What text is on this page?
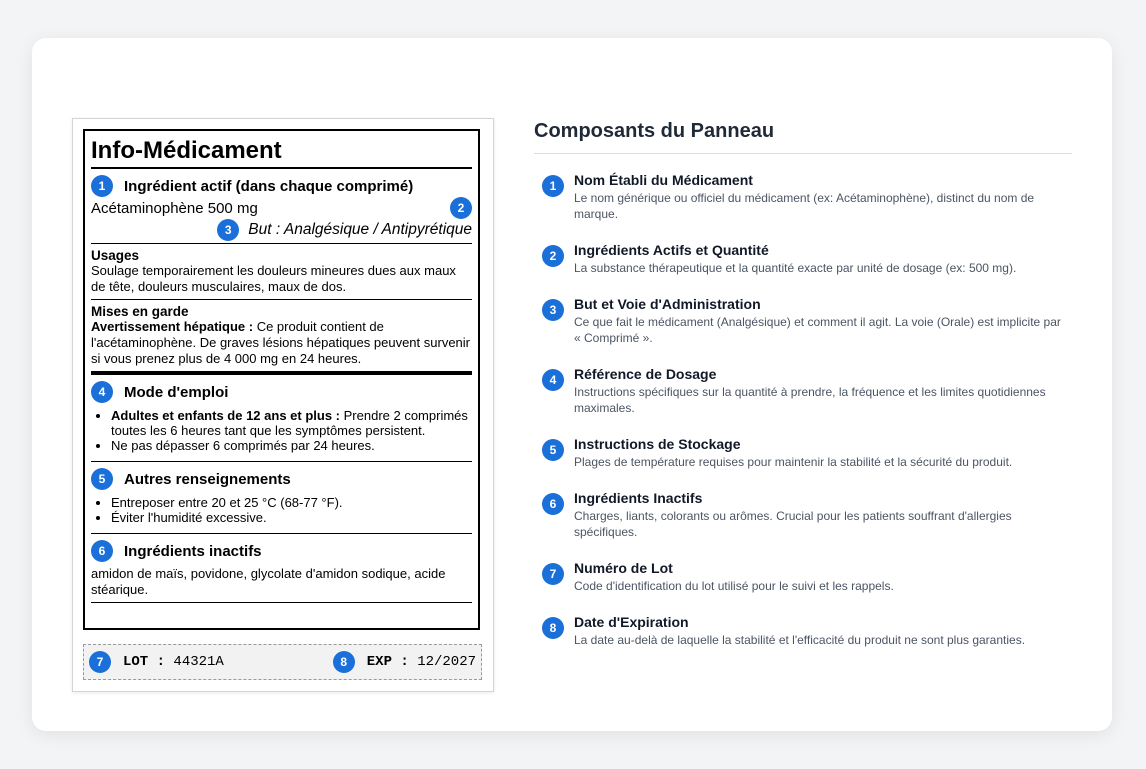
Info-Médicament
1	Ingrédient actif (dans chaque comprimé)
Acétaminophène 500 mg	2
3	But : Analgésique / Antipyrétique
Usages
Soulage temporairement les douleurs mineures dues aux maux de tête, douleurs musculaires, maux de dos.
Mises en garde
Avertissement hépatique : Ce produit contient de l'acétaminophène. De graves lésions hépatiques peuvent survenir si vous prenez plus de 4 000 mg en 24 heures.
4	Mode d'emploi
• Adultes et enfants de 12 ans et plus : Prendre 2 comprimés toutes les 6 heures tant que les symptômes persistent.
• Ne pas dépasser 6 comprimés par 24 heures.
5	Autres renseignements
• Entreposer entre 20 et 25 °C (68-77 °F).
• Éviter l'humidité excessive.
6	Ingrédients inactifs
amidon de maïs, povidone, glycolate d'amidon sodique, acide stéarique.
7	LOT : 44321A	8	EXP : 12/2027
Composants du Panneau
1	Nom Établi du Médicament
Le nom générique ou officiel du médicament (ex: Acétaminophène), distinct du nom de marque.
2	Ingrédients Actifs et Quantité
La substance thérapeutique et la quantité exacte par unité de dosage (ex: 500 mg).
3	But et Voie d'Administration
Ce que fait le médicament (Analgésique) et comment il agit. La voie (Orale) est implicite par « Comprimé ».
4	Référence de Dosage
Instructions spécifiques sur la quantité à prendre, la fréquence et les limites quotidiennes maximales.
5	Instructions de Stockage
Plages de température requises pour maintenir la stabilité et la sécurité du produit.
6	Ingrédients Inactifs
Charges, liants, colorants ou arômes. Crucial pour les patients souffrant d'allergies spécifiques.
7	Numéro de Lot
Code d'identification du lot utilisé pour le suivi et les rappels.
8	Date d'Expiration
La date au-delà de laquelle la stabilité et l'efficacité du produit ne sont plus garanties.
